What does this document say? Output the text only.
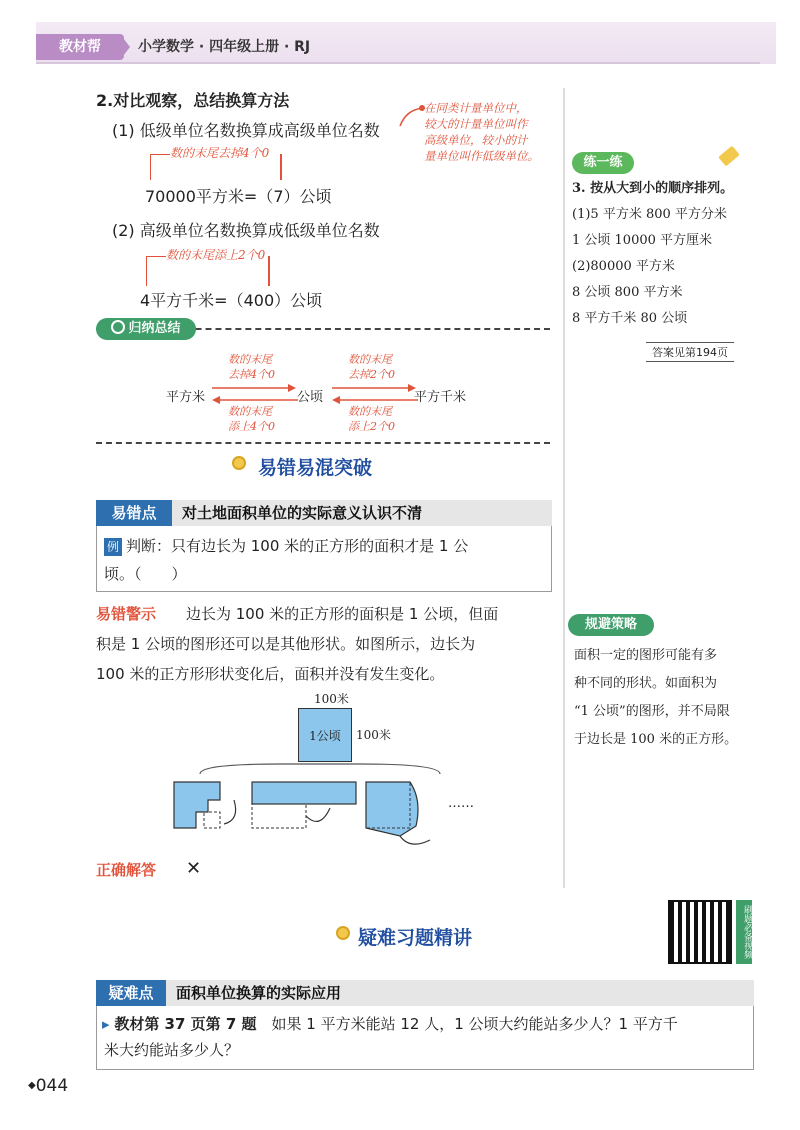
教材帮	小学数学 · 四年级上册 · RJ
2.对比观察，总结换算方法
(1) 低级单位名数换算成高级单位名数
数的末尾去掉4个0
70000平方米=（7）公顷
(2) 高级单位名数换算成低级单位名数
数的末尾添上2个0
4平方千米=（400）公顷
在同类计量单位中，
较大的计量单位叫作
高级单位，较小的计
量单位叫作低级单位。
归纳总结
平方米	公顷	平方千米
数的末尾
去掉4个0
数的末尾
添上4个0
数的末尾
去掉2个0
数的末尾
添上2个0
练一练
3. 按从大到小的顺序排列。
(1)5 平方米 800 平方分米
1 公顷 10000 平方厘米
(2)80000 平方米
8 公顷 800 平方米
8 平方千米 80 公顷
答案见第194页
易错易混突破
易错点	对土地面积单位的实际意义认识不清
例 判断：只有边长为 100 米的正方形的面积才是 1 公
顷。（　　）
易错警示 边长为 100 米的正方形的面积是 1 公顷，但面
积是 1 公顷的图形还可以是其他形状。如图所示，边长为
100 米的正方形形状变化后，面积并没有发生变化。
100米
1公顷	100米
……
正确解答 ✕
规避策略
面积一定的图形可能有多
种不同的形状。如面积为
“1 公顷”的图形，并不局限
于边长是 100 米的正方形。
疑难习题精讲	刷题必备视频
疑难点	面积单位换算的实际应用
▸ 教材第 37 页第 7 题　 如果 1 平方米能站 12 人，1 公顷大约能站多少人？1 平方千
米大约能站多少人？
◆044
